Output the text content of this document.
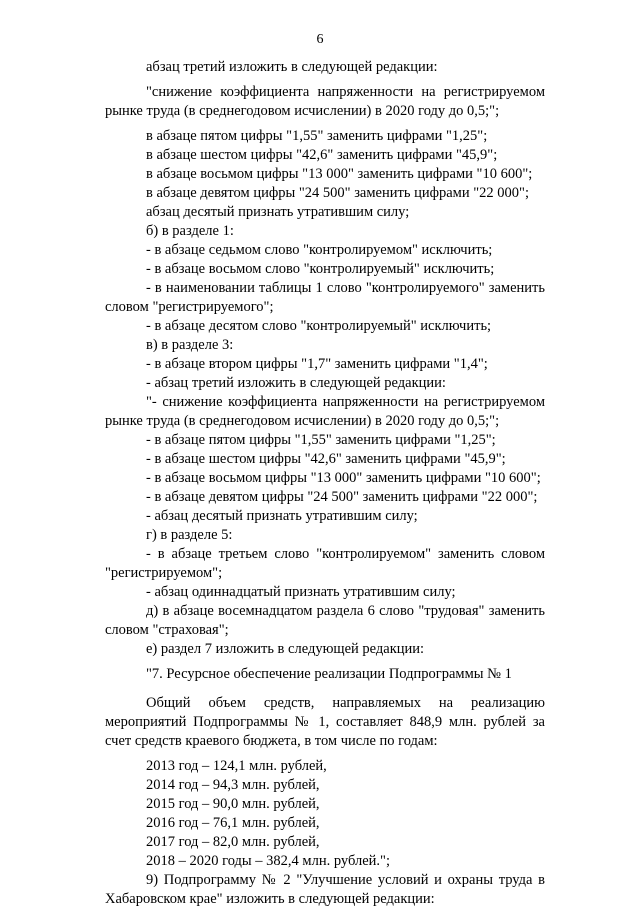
6

абзац третий изложить в следующей редакции:

"снижение коэффициента напряженности на регистрируемом рынке труда (в среднегодовом исчислении) в 2020 году до 0,5;";

в абзаце пятом цифры "1,55" заменить цифрами "1,25";

в абзаце шестом цифры "42,6" заменить цифрами "45,9";

в абзаце восьмом цифры "13 000" заменить цифрами "10 600";

в абзаце девятом цифры "24 500" заменить цифрами "22 000";

абзац десятый признать утратившим силу;

б) в разделе 1:

- в абзаце седьмом слово "контролируемом" исключить;

- в абзаце восьмом слово "контролируемый" исключить;

- в наименовании таблицы 1 слово "контролируемого" заменить словом "регистрируемого";

- в абзаце десятом слово "контролируемый" исключить;

в) в разделе 3:

- в абзаце втором цифры "1,7" заменить цифрами "1,4";

- абзац третий изложить в следующей редакции:

"- снижение коэффициента напряженности на регистрируемом рынке труда (в среднегодовом исчислении) в 2020 году до 0,5;";

- в абзаце пятом цифры "1,55" заменить цифрами "1,25";

- в абзаце шестом цифры "42,6" заменить цифрами "45,9";

- в абзаце восьмом цифры "13 000" заменить цифрами "10 600";

- в абзаце девятом цифры "24 500" заменить цифрами "22 000";

- абзац десятый признать утратившим силу;

г) в разделе 5:

- в абзаце третьем слово "контролируемом" заменить словом "регистрируемом";

- абзац одиннадцатый признать утратившим силу;

д) в абзаце восемнадцатом раздела 6 слово "трудовая" заменить словом "страховая";

е) раздел 7 изложить в следующей редакции:

"7. Ресурсное обеспечение реализации Подпрограммы № 1

Общий объем средств, направляемых на реализацию мероприятий Подпрограммы № 1, составляет 848,9 млн. рублей за счет средств краевого бюджета, в том числе по годам:

2013 год – 124,1 млн. рублей,

2014 год – 94,3 млн. рублей,

2015 год – 90,0 млн. рублей,

2016 год – 76,1 млн. рублей,

2017 год – 82,0 млн. рублей,

2018 – 2020 годы – 382,4 млн. рублей.";

9) Подпрограмму № 2 "Улучшение условий и охраны труда в Хабаровском крае" изложить в следующей редакции:
